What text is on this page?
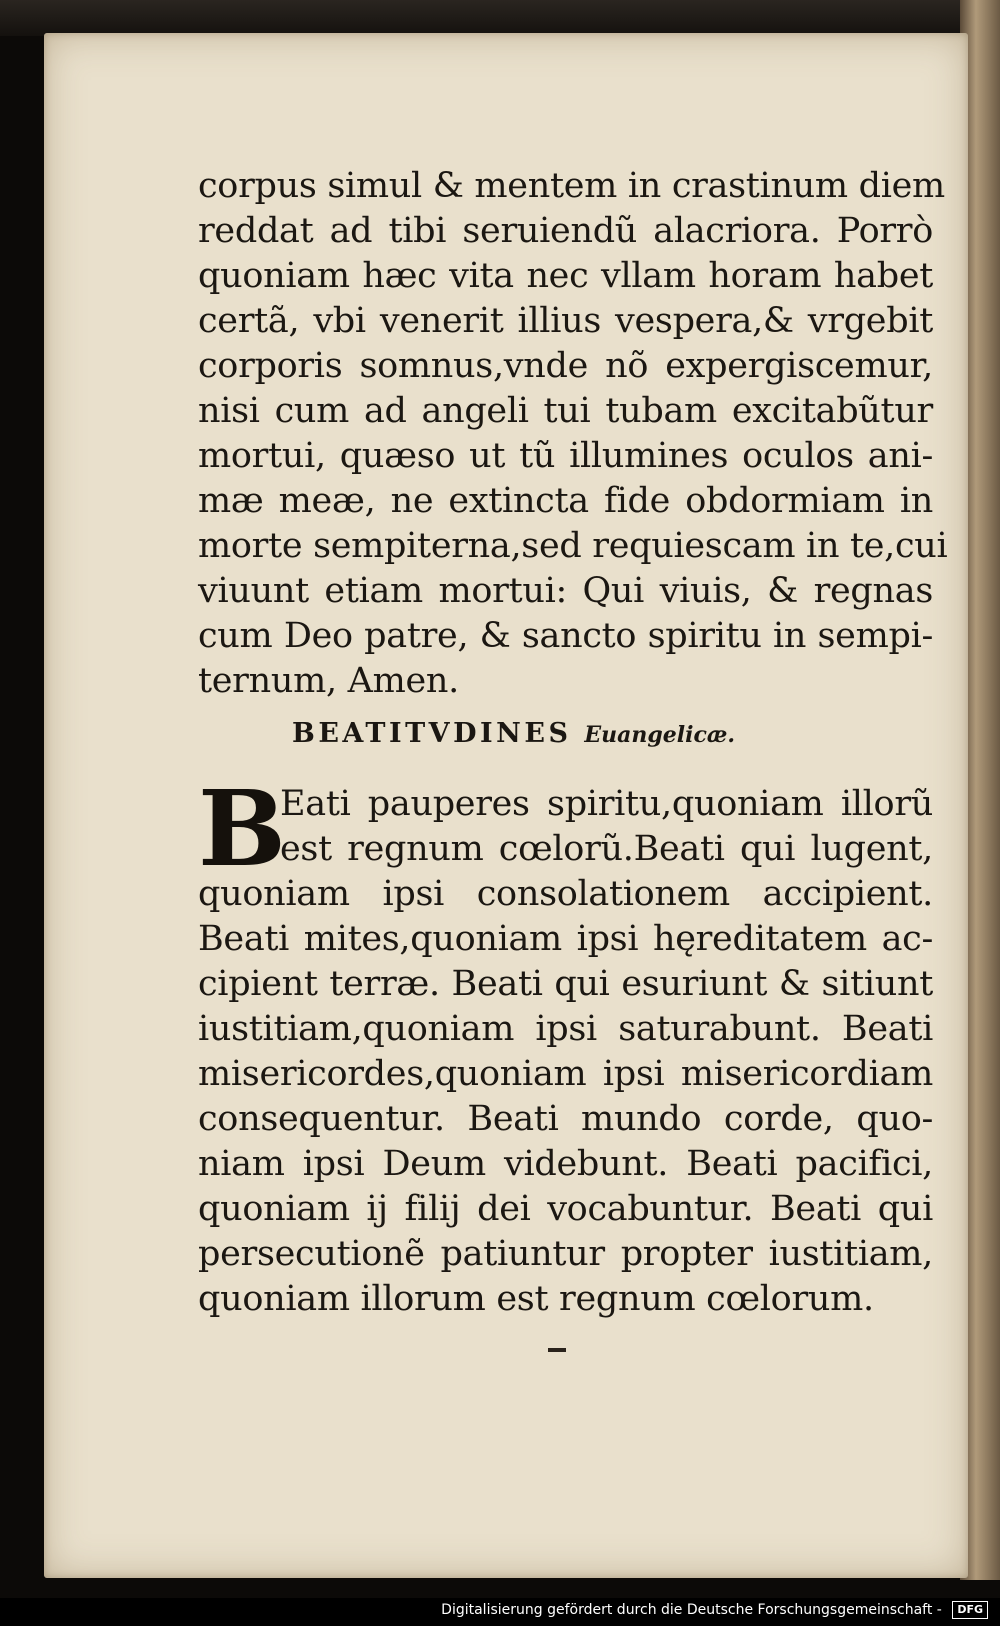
corpus simul & mentem in crastinum diem
reddat ad tibi seruiendũ alacriora. Porrò
quoniam hæc vita nec vllam horam habet
certã, vbi venerit illius vespera,& vrgebit
corporis somnus,vnde nõ expergiscemur,
nisi cum ad angeli tui tubam excitabũtur
mortui, quæso ut tũ illumines oculos ani-
mæ meæ, ne extincta fide obdormiam in
morte sempiterna,sed requiescam in te,cui
viuunt etiam mortui: Qui viuis, & regnas
cum Deo patre, & sancto spiritu in sempi-
ternum, Amen.
BEATITVDINES Euangelicæ.
B
Eati pauperes spiritu,quoniam illorũ
est regnum cœlorũ.Beati qui lugent,
quoniam ipsi consolationem accipient.
Beati mites,quoniam ipsi hęreditatem ac-
cipient terræ. Beati qui esuriunt & sitiunt
iustitiam,quoniam ipsi saturabunt. Beati
misericordes,quoniam ipsi misericordiam
consequentur. Beati mundo corde, quo-
niam ipsi Deum videbunt. Beati pacifici,
quoniam ij filij dei vocabuntur. Beati qui
persecutionẽ patiuntur propter iustitiam,
quoniam illorum est regnum cœlorum.
Digitalisierung gefördert durch die Deutsche Forschungsgemeinschaft - DFG
